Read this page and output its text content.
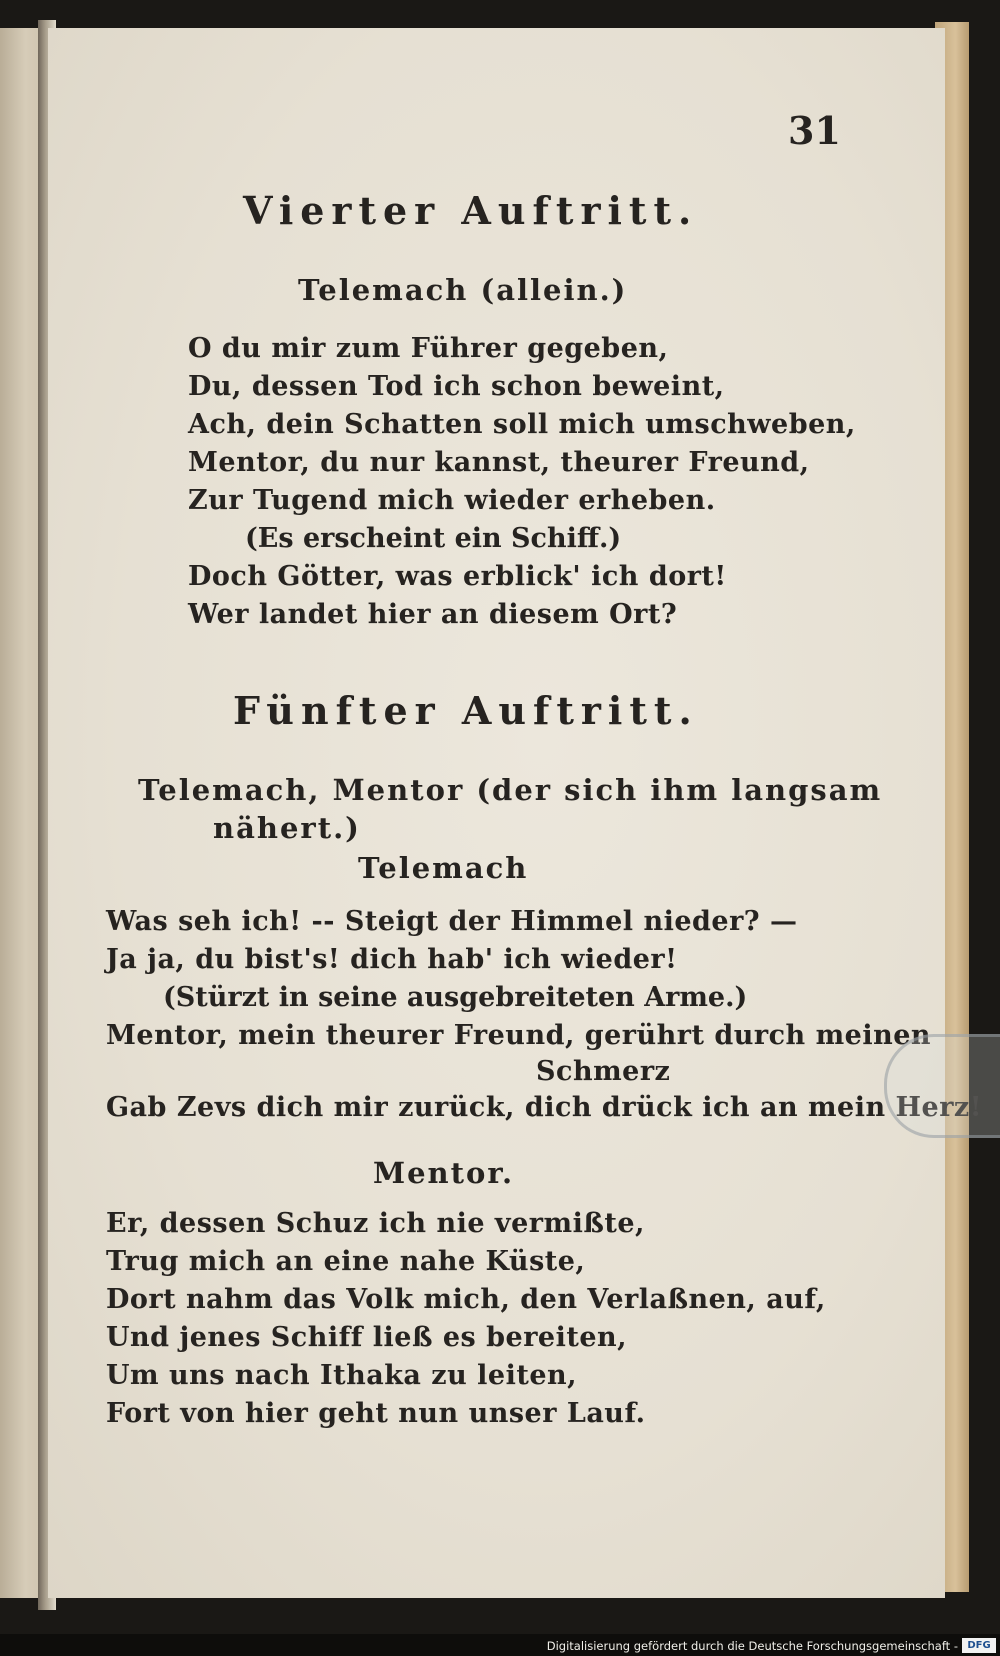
31
Vierter Auftritt.
Telemach (allein.)
O du mir zum Führer gegeben,
Du, dessen Tod ich schon beweint,
Ach, dein Schatten soll mich umschweben,
Mentor, du nur kannst, theurer Freund,
Zur Tugend mich wieder erheben.
(Es erscheint ein Schiff.)
Doch Götter, was erblick' ich dort!
Wer landet hier an diesem Ort?
Fünfter Auftritt.
Telemach, Mentor (der sich ihm langsam
nähert.)
Telemach
Was seh ich! -- Steigt der Himmel nieder? —
Ja ja, du bist's! dich hab' ich wieder!
(Stürzt in seine ausgebreiteten Arme.)
Mentor, mein theurer Freund, gerührt durch meinen
Schmerz
Gab Zevs dich mir zurück, dich drück ich an mein Herz!
Mentor.
Er, dessen Schuz ich nie vermißte,
Trug mich an eine nahe Küste,
Dort nahm das Volk mich, den Verlaßnen, auf,
Und jenes Schiff ließ es bereiten,
Um uns nach Ithaka zu leiten,
Fort von hier geht nun unser Lauf.
Digitalisierung gefördert durch die Deutsche Forschungsgemeinschaft - DFG
